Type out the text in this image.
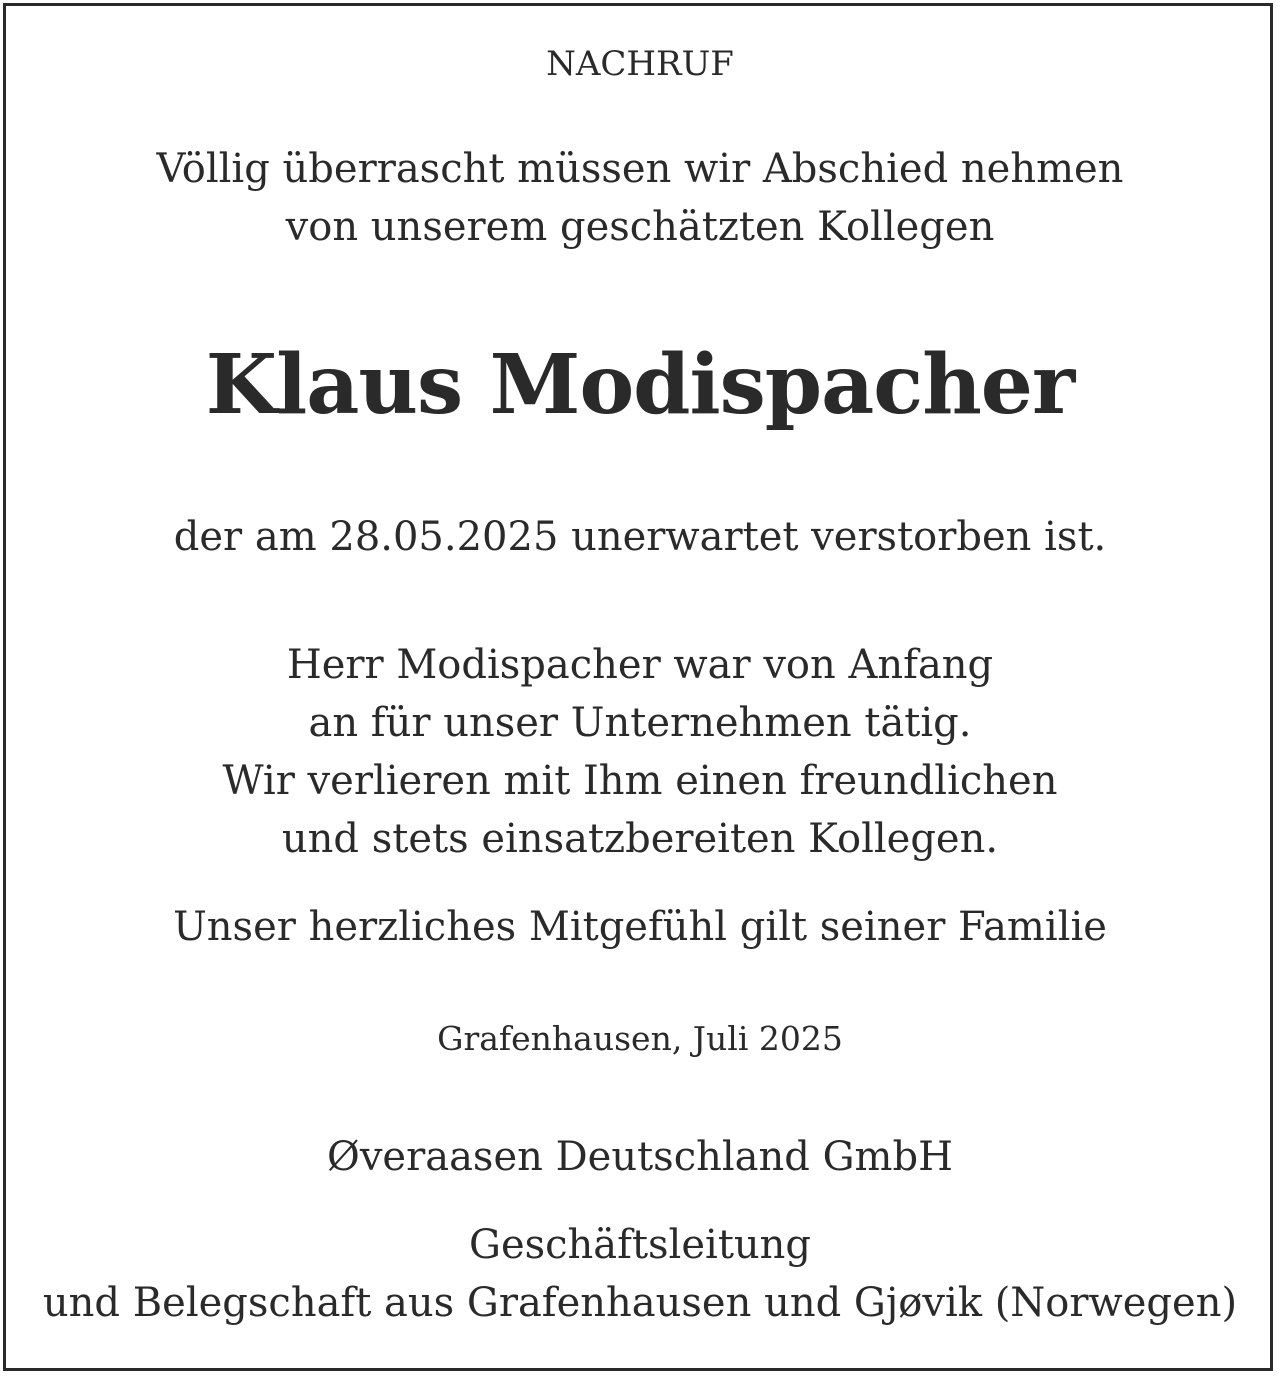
NACHRUF
Völlig überrascht müssen wir Abschied nehmen
von unserem geschätzten Kollegen
Klaus Modispacher
der am 28.05.2025 unerwartet verstorben ist.
Herr Modispacher war von Anfang
an für unser Unternehmen tätig.
Wir verlieren mit Ihm einen freundlichen
und stets einsatzbereiten Kollegen.
Unser herzliches Mitgefühl gilt seiner Familie
Grafenhausen, Juli 2025
Øveraasen Deutschland GmbH
Geschäftsleitung
und Belegschaft aus Grafenhausen und Gjøvik (Norwegen)
